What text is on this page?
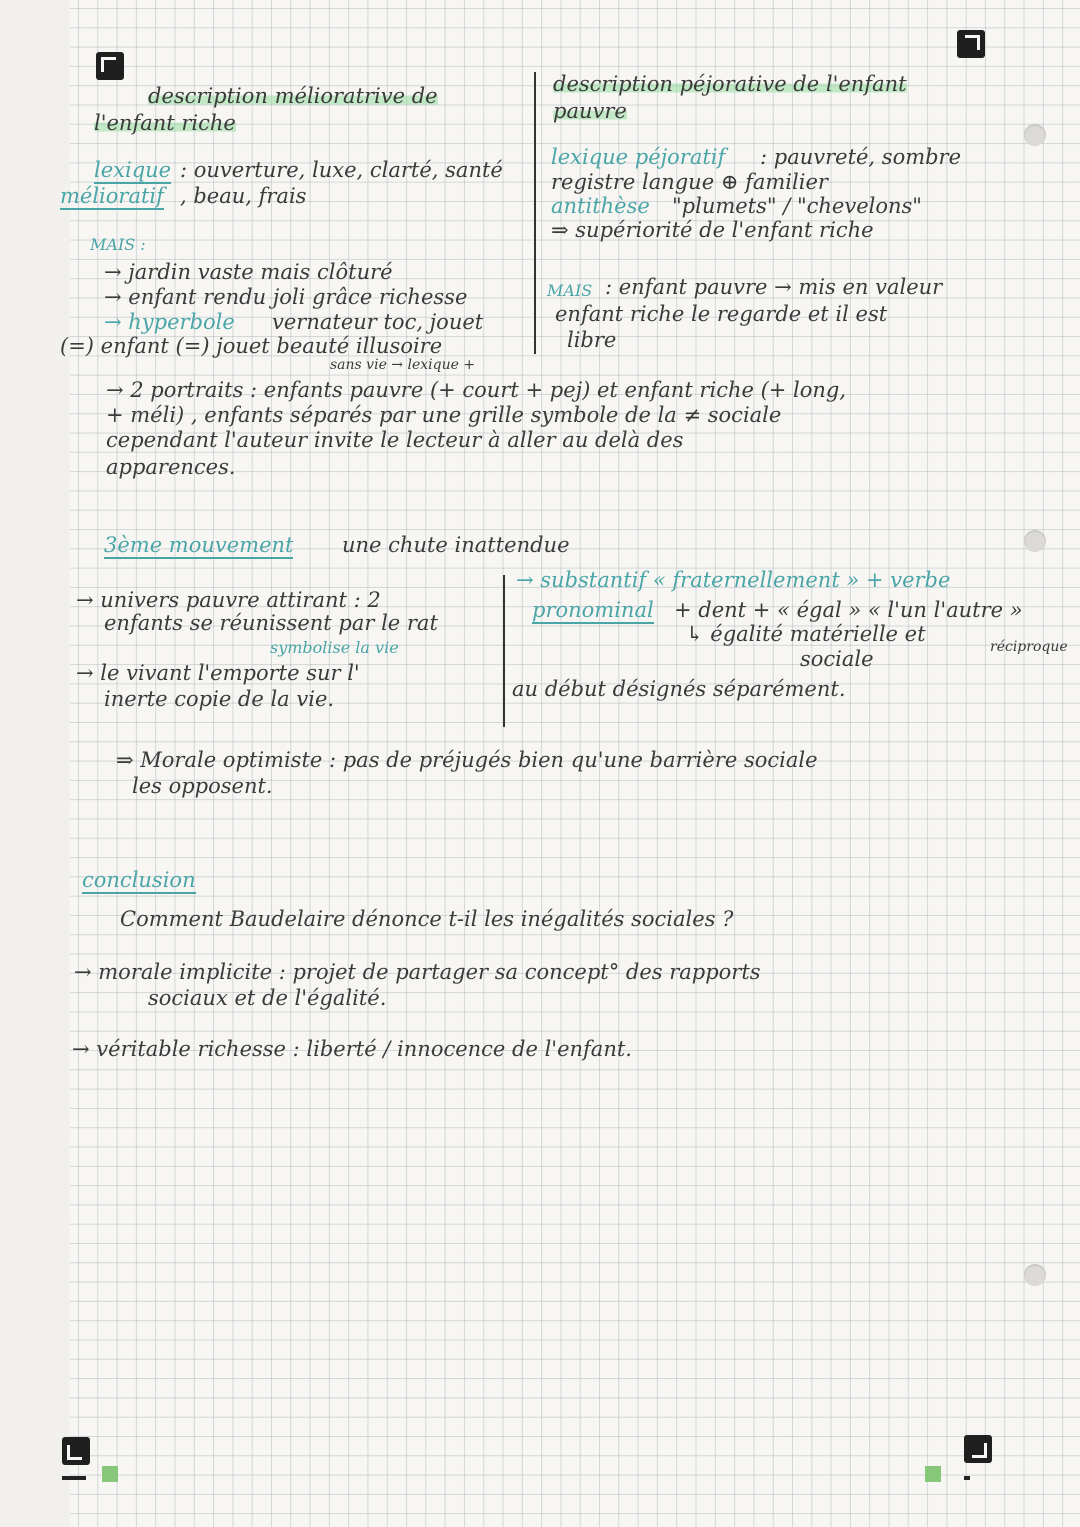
description mélioratrive de
l'enfant riche
lexique : ouverture, luxe, clarté, santé
mélioratif , beau, frais
MAIS :
→ jardin vaste mais clôturé
→ enfant rendu joli grâce richesse
→ hyperbole vernateur toc, jouet
(=) enfant (=) jouet beauté illusoire
sans vie → lexique +
description péjorative de l'enfant
pauvre
lexique péjoratif : pauvreté, sombre
registre langue ⊕ familier
antithèse "plumets" / "chevelons"
⇒ supériorité de l'enfant riche
MAIS : enfant pauvre → mis en valeur
enfant riche le regarde et il est
libre
→ 2 portraits : enfants pauvre (+ court + pej) et enfant riche (+ long,
+ méli) , enfants séparés par une grille symbole de la ≠ sociale
cependant l'auteur invite le lecteur à aller au delà des
apparences.
3ème mouvement une chute inattendue
→ univers pauvre attirant : 2
enfants se réunissent par le rat
symbolise la vie
→ le vivant l'emporte sur l'
inerte copie de la vie.
→ substantif « fraternellement » + verbe
pronominal + dent + « égal » « l'un l'autre »
↳ égalité matérielle et
réciproque
sociale
au début désignés séparément.
⇒ Morale optimiste : pas de préjugés bien qu'une barrière sociale
les opposent.
conclusion
Comment Baudelaire dénonce t-il les inégalités sociales ?
→ morale implicite : projet de partager sa concept° des rapports
sociaux et de l'égalité.
→ véritable richesse : liberté / innocence de l'enfant.
